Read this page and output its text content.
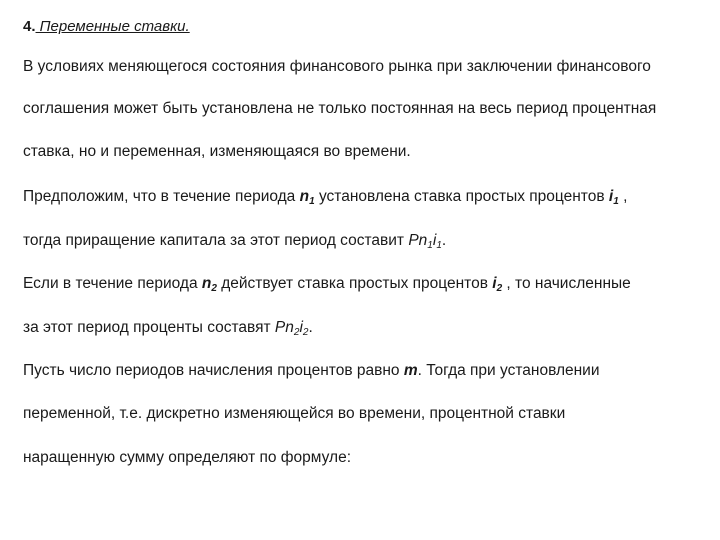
4. Переменные ставки.
В условиях меняющегося состояния финансового рынка при заключении финансового
соглашения может быть установлена не только постоянная на весь период процентная
ставка, но и переменная, изменяющаяся во времени.
Предположим, что в течение периода $n_1$ установлена ставка простых процентов $i_1$ ,
тогда приращение капитала за этот период составит $Pn_1i_1$.
Если в течение периода $n_2$ действует ставка простых процентов $i_2$ , то начисленные
за этот период проценты составят $Pn_2i_2$.
Пусть число периодов начисления процентов равно m. Тогда при установлении
переменной, т.е. дискретно изменяющейся во времени, процентной ставки
наращенную сумму определяют по формуле:
